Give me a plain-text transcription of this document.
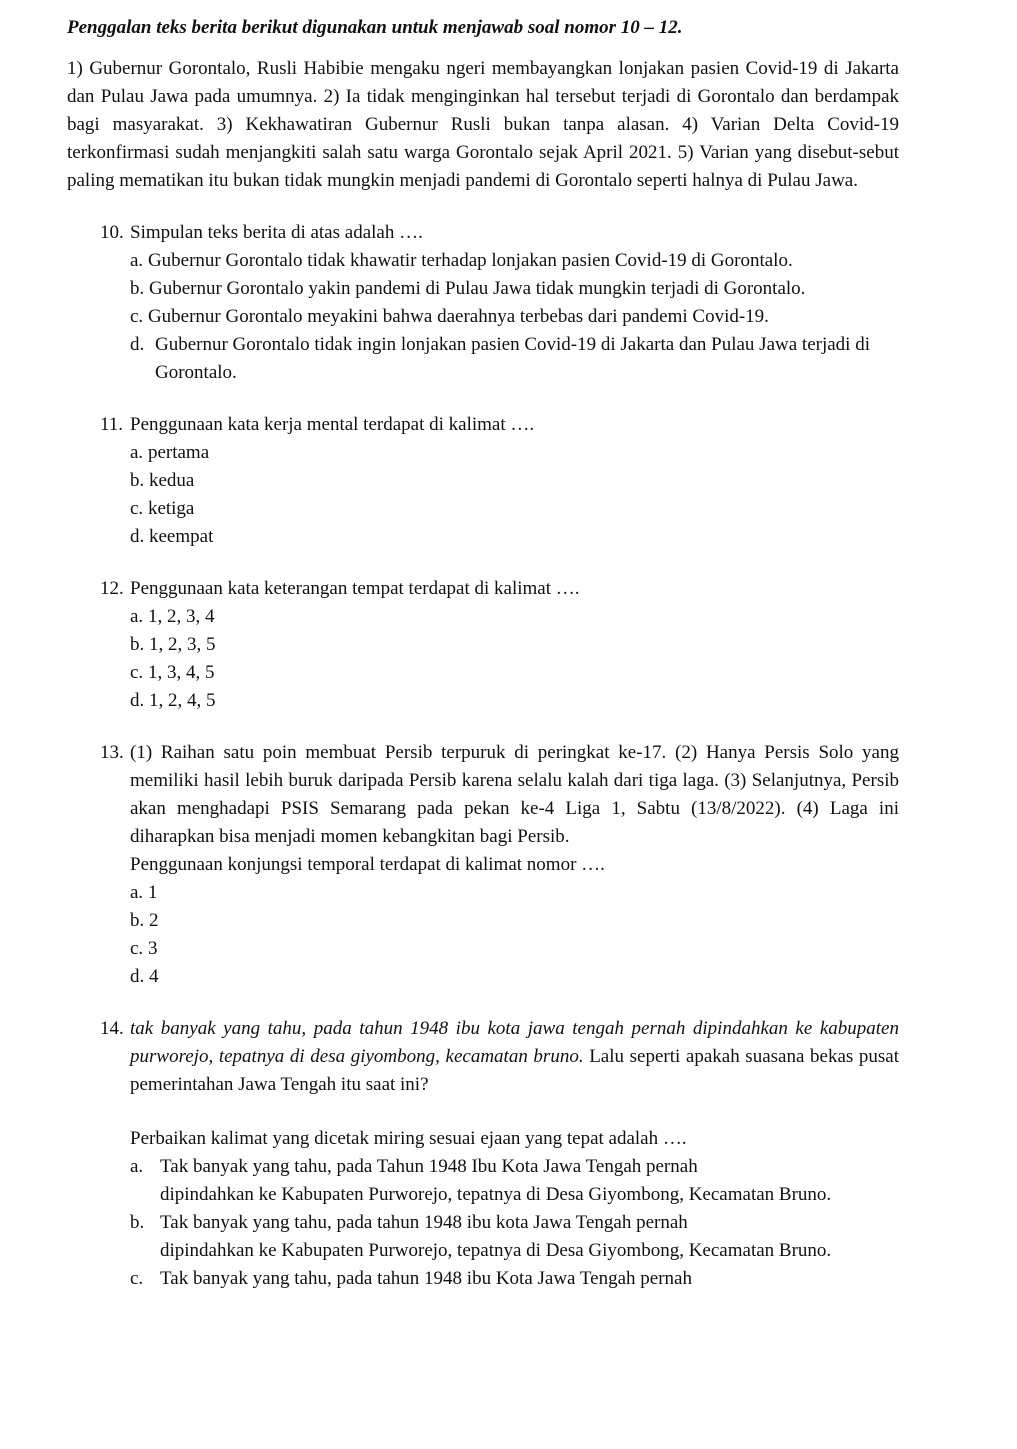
Penggalan teks berita berikut digunakan untuk menjawab soal nomor 10 – 12.

1) Gubernur Gorontalo, Rusli Habibie mengaku ngeri membayangkan lonjakan pasien Covid-19 di Jakarta dan Pulau Jawa pada umumnya. 2) Ia tidak menginginkan hal tersebut terjadi di Gorontalo dan berdampak bagi masyarakat. 3) Kekhawatiran Gubernur Rusli bukan tanpa alasan. 4) Varian Delta Covid-19 terkonfirmasi sudah menjangkiti salah satu warga Gorontalo sejak April 2021. 5) Varian yang disebut-sebut paling mematikan itu bukan tidak mungkin menjadi pandemi di Gorontalo seperti halnya di Pulau Jawa.

10. Simpulan teks berita di atas adalah ….

a. Gubernur Gorontalo tidak khawatir terhadap lonjakan pasien Covid-19 di Gorontalo.
b. Gubernur Gorontalo yakin pandemi di Pulau Jawa tidak mungkin terjadi di Gorontalo.
c. Gubernur Gorontalo meyakini bahwa daerahnya terbebas dari pandemi Covid-19.
d. Gubernur Gorontalo tidak ingin lonjakan pasien Covid-19 di Jakarta dan Pulau Jawa terjadi di Gorontalo.
11. Penggunaan kata kerja mental terdapat di kalimat ….

a. pertama
b. kedua
c. ketiga
d. keempat
12. Penggunaan kata keterangan tempat terdapat di kalimat ….

a. 1, 2, 3, 4
b. 1, 2, 3, 5
c. 1, 3, 4, 5
d. 1, 2, 4, 5
13. (1) Raihan satu poin membuat Persib terpuruk di peringkat ke-17. (2) Hanya Persis Solo yang memiliki hasil lebih buruk daripada Persib karena selalu kalah dari tiga laga. (3) Selanjutnya, Persib akan menghadapi PSIS Semarang pada pekan ke-4 Liga 1, Sabtu (13/8/2022). (4) Laga ini diharapkan bisa menjadi momen kebangkitan bagi Persib.

Penggunaan konjungsi temporal terdapat di kalimat nomor ….

a. 1
b. 2
c. 3
d. 4
14. tak banyak yang tahu, pada tahun 1948 ibu kota jawa tengah pernah dipindahkan ke kabupaten purworejo, tepatnya di desa giyombong, kecamatan bruno. Lalu seperti apakah suasana bekas pusat pemerintahan Jawa Tengah itu saat ini?

Perbaikan kalimat yang dicetak miring sesuai ejaan yang tepat adalah ….

a. Tak banyak yang tahu, pada Tahun 1948 Ibu Kota Jawa Tengah pernah
dipindahkan ke Kabupaten Purworejo, tepatnya di Desa Giyombong, Kecamatan Bruno.
b. Tak banyak yang tahu, pada tahun 1948 ibu kota Jawa Tengah pernah
dipindahkan ke Kabupaten Purworejo, tepatnya di Desa Giyombong, Kecamatan Bruno.
c. Tak banyak yang tahu, pada tahun 1948 ibu Kota Jawa Tengah pernah
